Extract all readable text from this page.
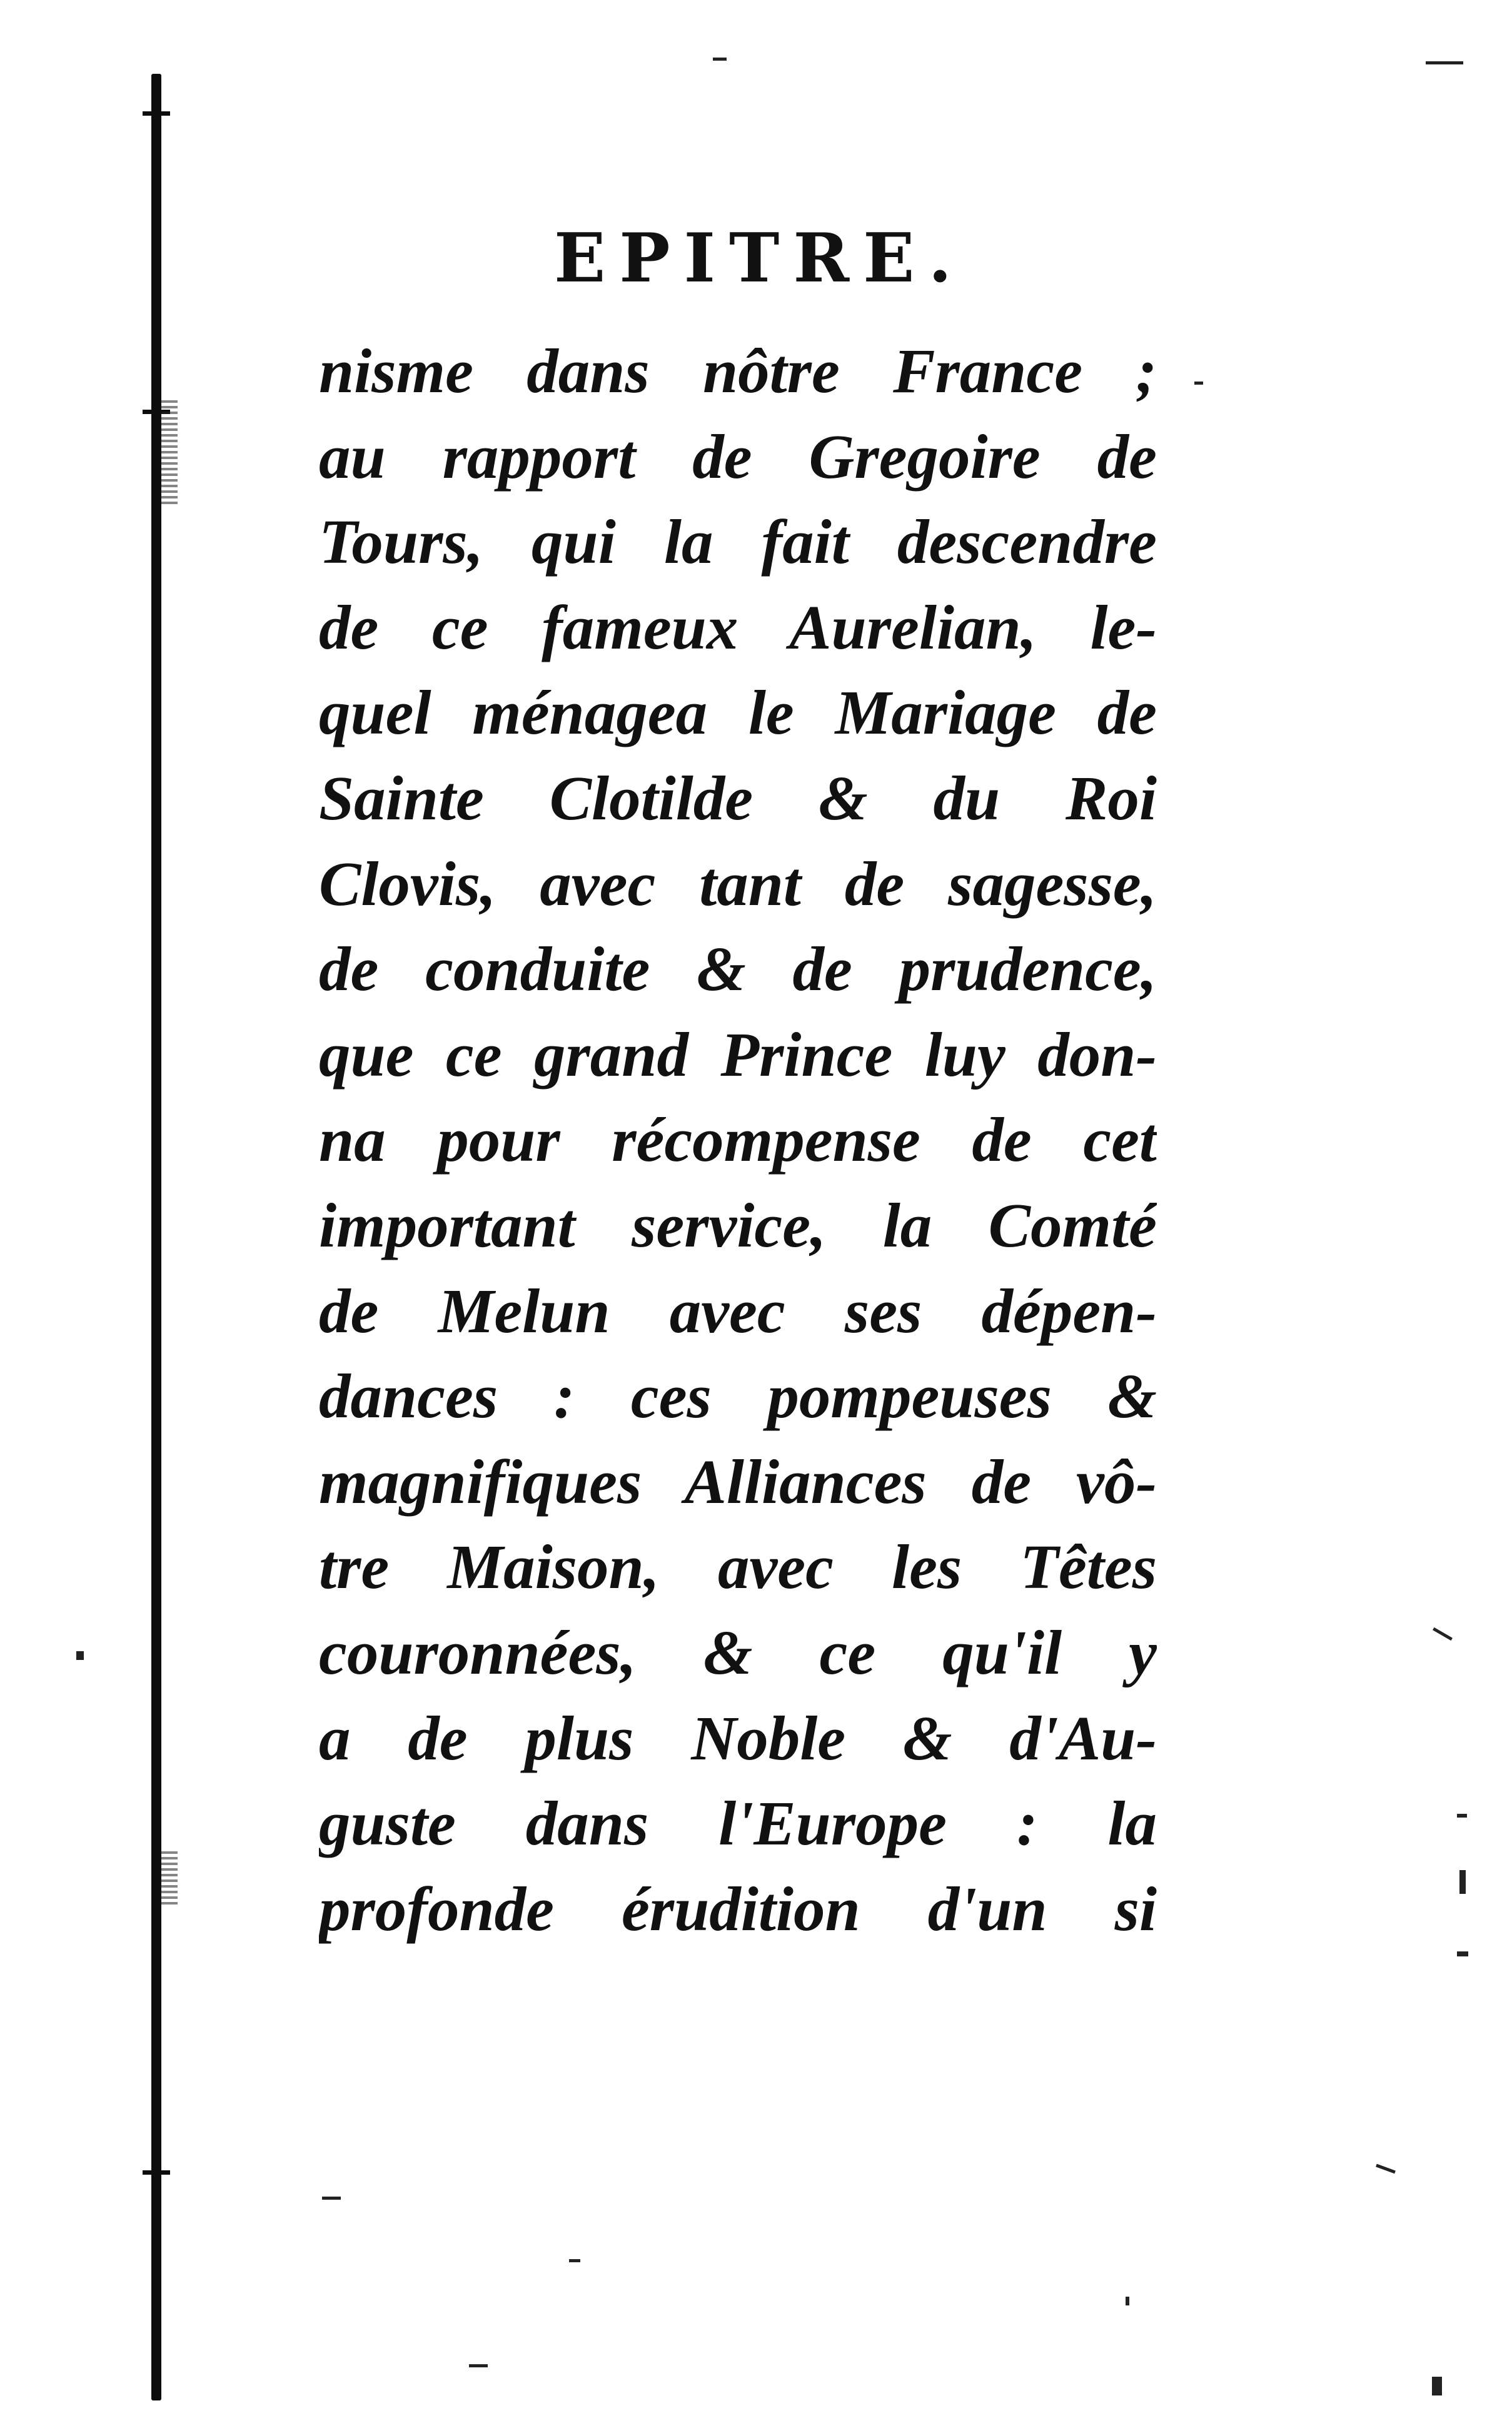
EPITRE.
nisme dans nôtre France ;
au rapport de Gregoire de
Tours, qui la fait descendre
de ce fameux Aurelian, le-
quel ménagea le Mariage de
Sainte Clotilde & du Roi
Clovis, avec tant de sagesse,
de conduite & de prudence,
que ce grand Prince luy don-
na pour récompense de cet
important service, la Comté
de Melun avec ses dépen-
dances : ces pompeuses &
magnifiques Alliances de vô-
tre Maison, avec les Têtes
couronnées, & ce qu'il y
a de plus Noble & d'Au-
guste dans l'Europe : la
profonde érudition d'un si
